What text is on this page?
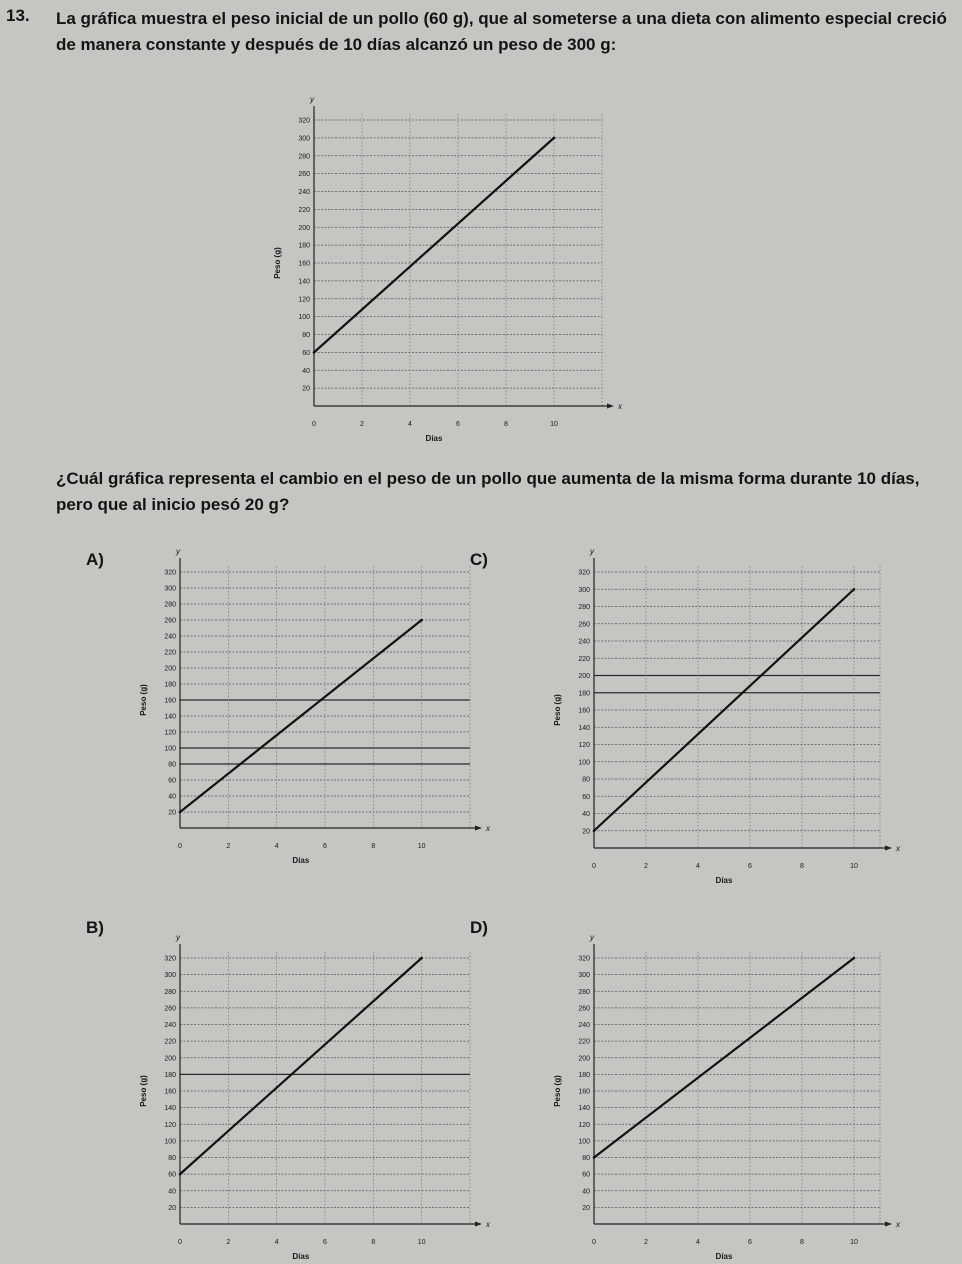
13. La gráfica muestra el peso inicial de un pollo (60 g), que al someterse a una dieta con alimento especial creció
de manera constante y después de 10 días alcanzó un peso de 300 g:
20
40
60
80
100
120
140
160
180
200
220
240
260
280
300
320
0	2	4	6	8	10
y
x
Días
Peso (g)
¿Cuál gráfica representa el cambio en el peso de un pollo que aumenta de la misma forma durante 10 días,
pero que al inicio pesó 20 g?
A)
20
40
60
80
100
120
140
160
180
200
220
240
260
280
300
320
0	2	4	6	8	10
y
x
Días
Peso (g)
C)
20
40
60
80
100
120
140
160
180
200
220
240
260
280
300
320
0	2	4	6	8	10
y
x
Días
Peso (g)
B)
20
40
60
80
100
120
140
160
180
200
220
240
260
280
300
320
0	2	4	6	8	10
y
x
Días
Peso (g)
D)
20
40
60
80
100
120
140
160
180
200
220
240
260
280
300
320
0	2	4	6	8	10
y
x
Días
Peso (g)
